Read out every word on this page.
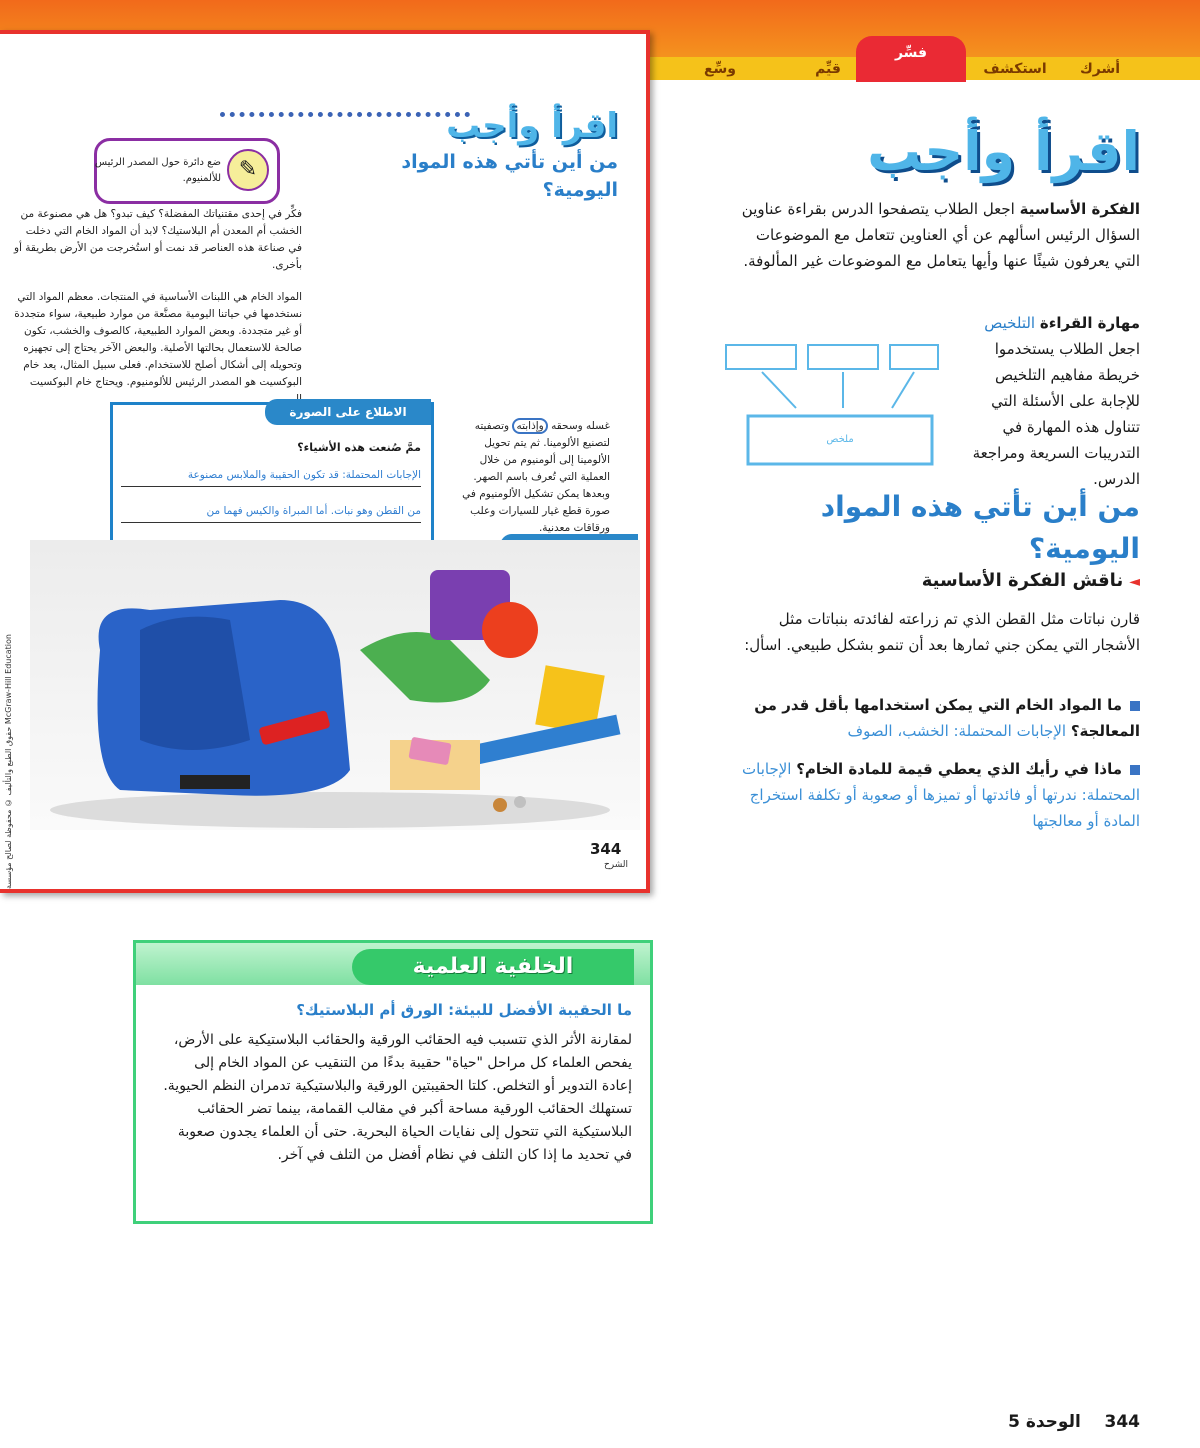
أشرك
استكشف
فسِّر
قيِّم
وسِّع
اقرأ وأجب
✎
ضع دائرة حول المصدر الرئيس للألمنيوم.
من أين تأتي هذه المواد اليومية؟
فكِّر في إحدى مقتنياتك المفضلة؟ كيف تبدو؟ هل هي مصنوعة من الخشب أم المعدن أم البلاستيك؟ لابد أن المواد الخام التي دخلت في صناعة هذه العناصر قد نمت أو استُخرجت من الأرض بطريقة أو بأخرى.
المواد الخام هي اللبنات الأساسية في المنتجات. معظم المواد التي نستخدمها في حياتنا اليومية مصنَّعة من موارد طبيعية، سواء متجددة أو غير متجددة. وبعض الموارد الطبيعية، كالصوف والخشب، تكون صالحة للاستعمال بحالتها الأصلية. والبعض الآخر يحتاج إلى تجهيزه وتحويله إلى أشكال أصلح للاستخدام. فعلى سبيل المثال، يعد خام البوكسيت هو المصدر الرئيس للألومنيوم. ويحتاج خام البوكسيت
غسله وسحقه وإذابته وتصفيته لتصنيع الألومينا. ثم يتم تحويل الألومينا إلى ألومنيوم من خلال العملية التي تُعرف باسم الصهر. وبعدها يمكن تشكيل الألومنيوم في صورة قطع غيار للسيارات وعلب ورقاقات معدنية.
الاطلاع على الصورة
ممَّ صُنعت هذه الأشياء؟
الإجابات المحتملة: قد تكون الحقيبة والملابس مصنوعة
من القطن وهو نبات. أما المبراة والكيس فهما من
حقوق الطبع والتأليف © محفوظة لصالح مؤسسة McGraw-Hill Education
344
الشرح
اقرأ وأجب
الفكرة الأساسية اجعل الطلاب يتصفحوا الدرس بقراءة عناوين السؤال الرئيس اسألهم عن أي العناوين تتعامل مع الموضوعات التي يعرفون شيئًا عنها وأيها يتعامل مع الموضوعات غير المألوفة.
مهارة القراءة التلخيص اجعل الطلاب يستخدموا خريطة مفاهيم التلخيص للإجابة على الأسئلة التي تتناول هذه المهارة في التدريبات السريعة ومراجعة الدرس.
ملخص
من أين تأتي هذه المواد اليومية؟
◄ناقش الفكرة الأساسية
قارن نباتات مثل القطن الذي تم زراعته لفائدته بنباتات مثل الأشجار التي يمكن جني ثمارها بعد أن تنمو بشكل طبيعي. اسأل:
ما المواد الخام التي يمكن استخدامها بأقل قدر من المعالجة؟ الإجابات المحتملة: الخشب، الصوف
ماذا في رأيك الذي يعطي قيمة للمادة الخام؟ الإجابات المحتملة: ندرتها أو فائدتها أو تميزها أو صعوبة أو تكلفة استخراج المادة أو معالجتها
الخلفية العلمية
ما الحقيبة الأفضل للبيئة: الورق أم البلاستيك؟
لمقارنة الأثر الذي تتسبب فيه الحقائب الورقية والحقائب البلاستيكية على الأرض، يفحص العلماء كل مراحل "حياة" حقيبة بدءًا من التنقيب عن المواد الخام إلى إعادة التدوير أو التخلص. كلتا الحقيبتين الورقية والبلاستيكية تدمران النظم الحيوية. تستهلك الحقائب الورقية مساحة أكبر في مقالب القمامة، بينما تضر الحقائب البلاستيكية التي تتحول إلى نفايات الحياة البحرية. حتى أن العلماء يجدون صعوبة في تحديد ما إذا كان التلف في نظام أفضل من التلف في آخر.
344    الوحدة 5
